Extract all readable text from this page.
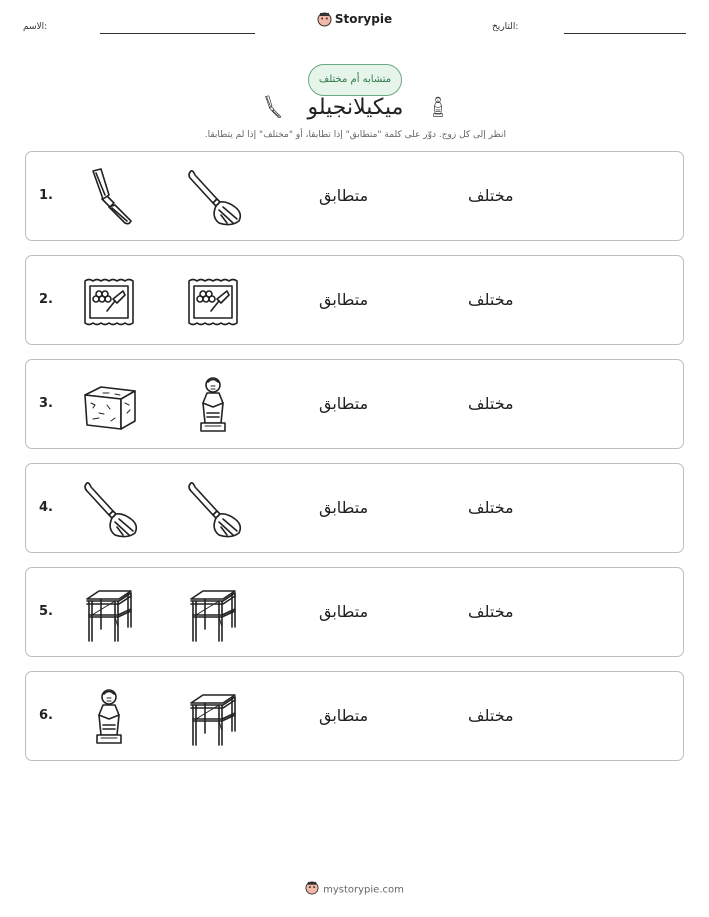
الاسم:
Storypie
التاريخ:
متشابه أم مختلف
ميكيلانجيلو
انظر إلى كل زوج. دوّر على كلمة "متطابق" إذا تطابقا، أو "مختلف" إذا لم يتطابقا.
1.	متطابق	مختلف
2.	متطابق	مختلف
3.	متطابق	مختلف
4.	متطابق	مختلف
5.	متطابق	مختلف
6.	متطابق	مختلف
mystorypie.com
